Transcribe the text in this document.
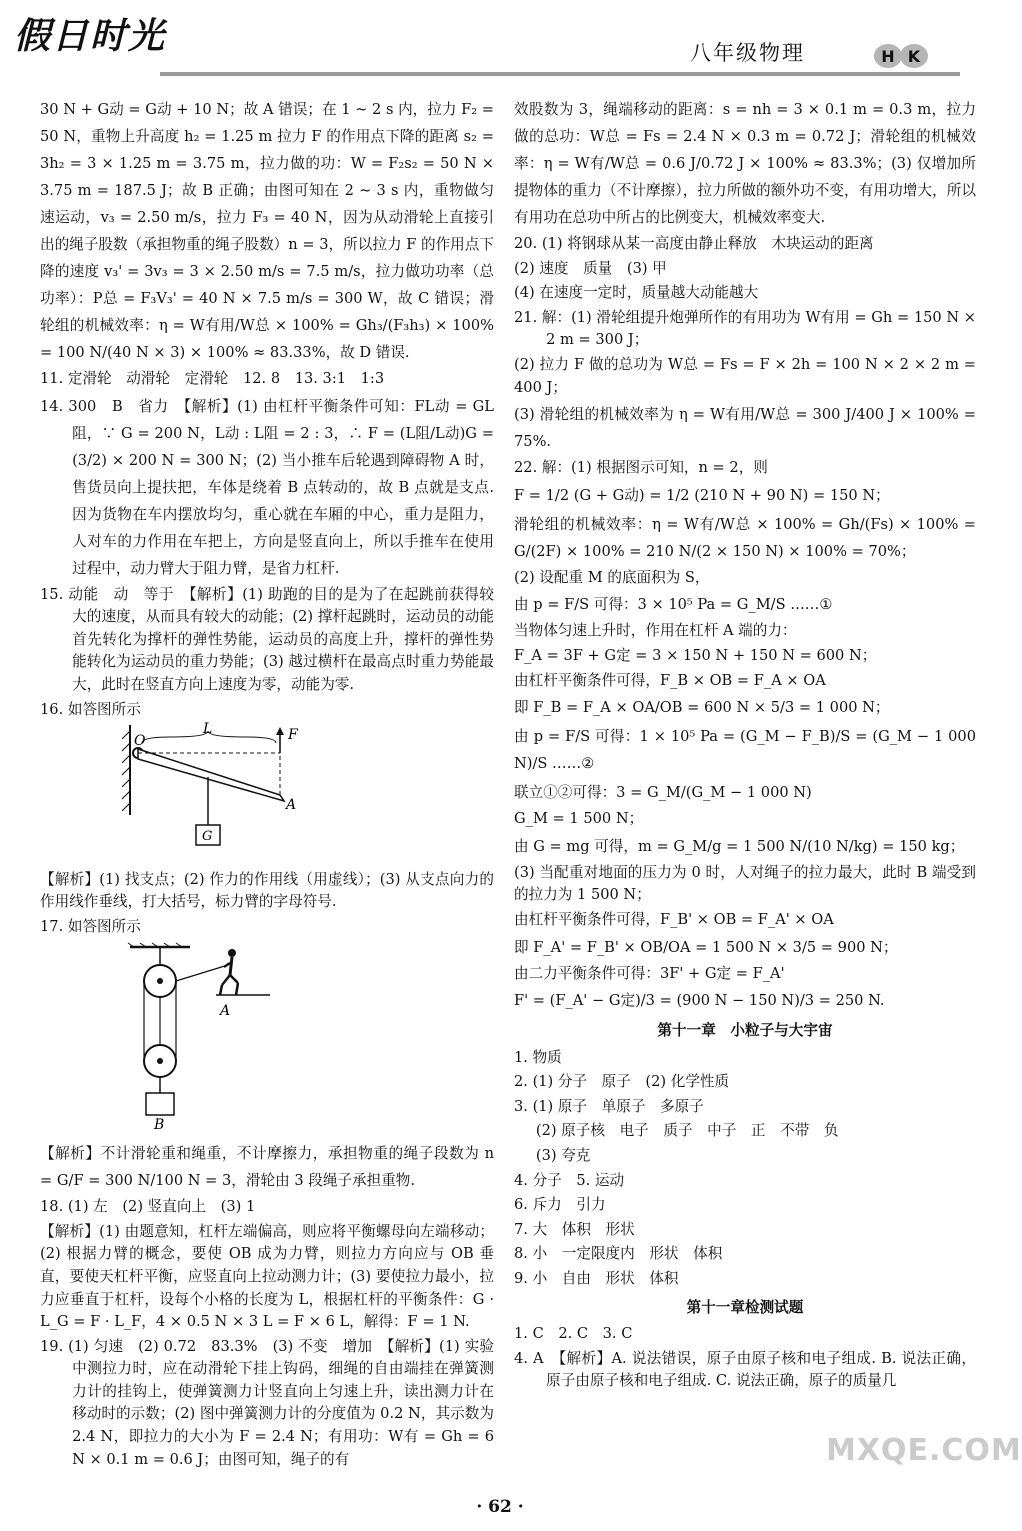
假日时光	八年级物理	H K
30 N + G动 = G动 + 10 N；故 A 错误；在 1 ~ 2 s 内，拉力 F₂ = 50 N，重物上升高度 h₂ = 1.25 m 拉力 F 的作用点下降的距离 s₂ = 3h₂ = 3 × 1.25 m = 3.75 m，拉力做的功：W = F₂s₂ = 50 N × 3.75 m = 187.5 J；故 B 正确；由图可知在 2 ~ 3 s 内，重物做匀速运动，v₃ = 2.50 m/s，拉力 F₃ = 40 N，因为从动滑轮上直接引出的绳子股数（承担物重的绳子股数）n = 3，所以拉力 F 的作用点下降的速度 v₃' = 3v₃ = 3 × 2.50 m/s = 7.5 m/s，拉力做功功率（总功率）：P总 = F₃V₃' = 40 N × 7.5 m/s = 300 W，故 C 错误；滑轮组的机械效率：η = W有用/W总 × 100% = Gh₃/(F₃h₃) × 100% = 100 N/(40 N × 3) × 100% ≈ 83.33%，故 D 错误.
11. 定滑轮　动滑轮　定滑轮　12. 8　13. 3:1　1:3
14. 300　B　省力　【解析】(1) 由杠杆平衡条件可知：FL动 = GL阻，∵ G = 200 N，L动 : L阻 = 2 : 3，∴ F = (L阻/L动)G = (3/2) × 200 N = 300 N；(2) 当小推车后轮遇到障碍物 A 时，售货员向上提扶把，车体是绕着 B 点转动的，故 B 点就是支点. 因为货物在车内摆放均匀，重心就在车厢的中心，重力是阻力，人对车的力作用在车把上，方向是竖直向上，所以手推车在使用过程中，动力臂大于阻力臂，是省力杠杆.
15. 动能　动　等于　【解析】(1) 助跑的目的是为了在起跳前获得较大的速度，从而具有较大的动能；(2) 撑杆起跳时，运动员的动能首先转化为撑杆的弹性势能，运动员的高度上升，撑杆的弹性势能转化为运动员的重力势能；(3) 越过横杆在最高点时重力势能最大，此时在竖直方向上速度为零，动能为零.
16. 如答图所示
O
L	F
A
G
【解析】(1) 找支点；(2) 作力的作用线（用虚线）；(3) 从支点向力的作用线作垂线，打大括号，标力臂的字母符号.
17. 如答图所示
A
B
【解析】不计滑轮重和绳重，不计摩擦力，承担物重的绳子段数为 n = G/F = 300 N/100 N = 3，滑轮由 3 段绳子承担重物.
18. (1) 左　(2) 竖直向上　(3) 1
【解析】(1) 由题意知，杠杆左端偏高，则应将平衡螺母向左端移动；(2) 根据力臂的概念，要使 OB 成为力臂，则拉力方向应与 OB 垂直，要使天杠杆平衡，应竖直向上拉动测力计；(3) 要使拉力最小，拉力应垂直于杠杆，设每个小格的长度为 L，根据杠杆的平衡条件：G · L_G = F · L_F，4 × 0.5 N × 3 L = F × 6 L，解得：F = 1 N.
19. (1) 匀速　(2) 0.72　83.3%　(3) 不变　增加　【解析】(1) 实验中测拉力时，应在动滑轮下挂上钩码，细绳的自由端挂在弹簧测力计的挂钩上，使弹簧测力计竖直向上匀速上升，读出测力计在移动时的示数；(2) 图中弹簧测力计的分度值为 0.2 N，其示数为 2.4 N，即拉力的大小为 F = 2.4 N；有用功：W有 = Gh = 6 N × 0.1 m = 0.6 J；由图可知，绳子的有
效股数为 3，绳端移动的距离：s = nh = 3 × 0.1 m = 0.3 m，拉力做的总功：W总 = Fs = 2.4 N × 0.3 m = 0.72 J；滑轮组的机械效率：η = W有/W总 = 0.6 J/0.72 J × 100% ≈ 83.3%；(3) 仅增加所提物体的重力（不计摩擦），拉力所做的额外功不变，有用功增大，所以有用功在总功中所占的比例变大，机械效率变大.
20. (1) 将钢球从某一高度由静止释放　木块运动的距离
(2) 速度　质量　(3) 甲
(4) 在速度一定时，质量越大动能越大
21. 解：(1) 滑轮组提升炮弹所作的有用功为 W有用 = Gh = 150 N × 2 m = 300 J；
(2) 拉力 F 做的总功为 W总 = Fs = F × 2h = 100 N × 2 × 2 m = 400 J；
(3) 滑轮组的机械效率为 η = W有用/W总 = 300 J/400 J × 100% = 75%.
22. 解：(1) 根据图示可知，n = 2，则
F = 1/2 (G + G动) = 1/2 (210 N + 90 N) = 150 N；
滑轮组的机械效率：η = W有/W总 × 100% = Gh/(Fs) × 100% = G/(2F) × 100% = 210 N/(2 × 150 N) × 100% = 70%；
(2) 设配重 M 的底面积为 S，
由 p = F/S 可得：3 × 10⁵ Pa = G_M/S ……①
当物体匀速上升时，作用在杠杆 A 端的力：
F_A = 3F + G定 = 3 × 150 N + 150 N = 600 N；
由杠杆平衡条件可得，F_B × OB = F_A × OA
即 F_B = F_A × OA/OB = 600 N × 5/3 = 1 000 N；
由 p = F/S 可得：1 × 10⁵ Pa = (G_M − F_B)/S = (G_M − 1 000 N)/S ……②
联立①②可得：3 = G_M/(G_M − 1 000 N)
G_M = 1 500 N；
由 G = mg 可得，m = G_M/g = 1 500 N/(10 N/kg) = 150 kg；
(3) 当配重对地面的压力为 0 时，人对绳子的拉力最大，此时 B 端受到的拉力为 1 500 N；
由杠杆平衡条件可得，F_B' × OB = F_A' × OA
即 F_A' = F_B' × OB/OA = 1 500 N × 3/5 = 900 N；
由二力平衡条件可得：3F' + G定 = F_A'
F' = (F_A' − G定)/3 = (900 N − 150 N)/3 = 250 N.
第十一章　小粒子与大宇宙
1. 物质
2. (1) 分子　原子　(2) 化学性质
3. (1) 原子　单原子　多原子
(2) 原子核　电子　质子　中子　正　不带　负
(3) 夸克
4. 分子　5. 运动
6. 斥力　引力
7. 大　体积　形状
8. 小　一定限度内　形状　体积
9. 小　自由　形状　体积
第十一章检测试题
1. C　2. C　3. C
4. A　【解析】A. 说法错误，原子由原子核和电子组成. B. 说法正确，原子由原子核和电子组成. C. 说法正确，原子的质量几
MXQE.COM
· 62 ·
